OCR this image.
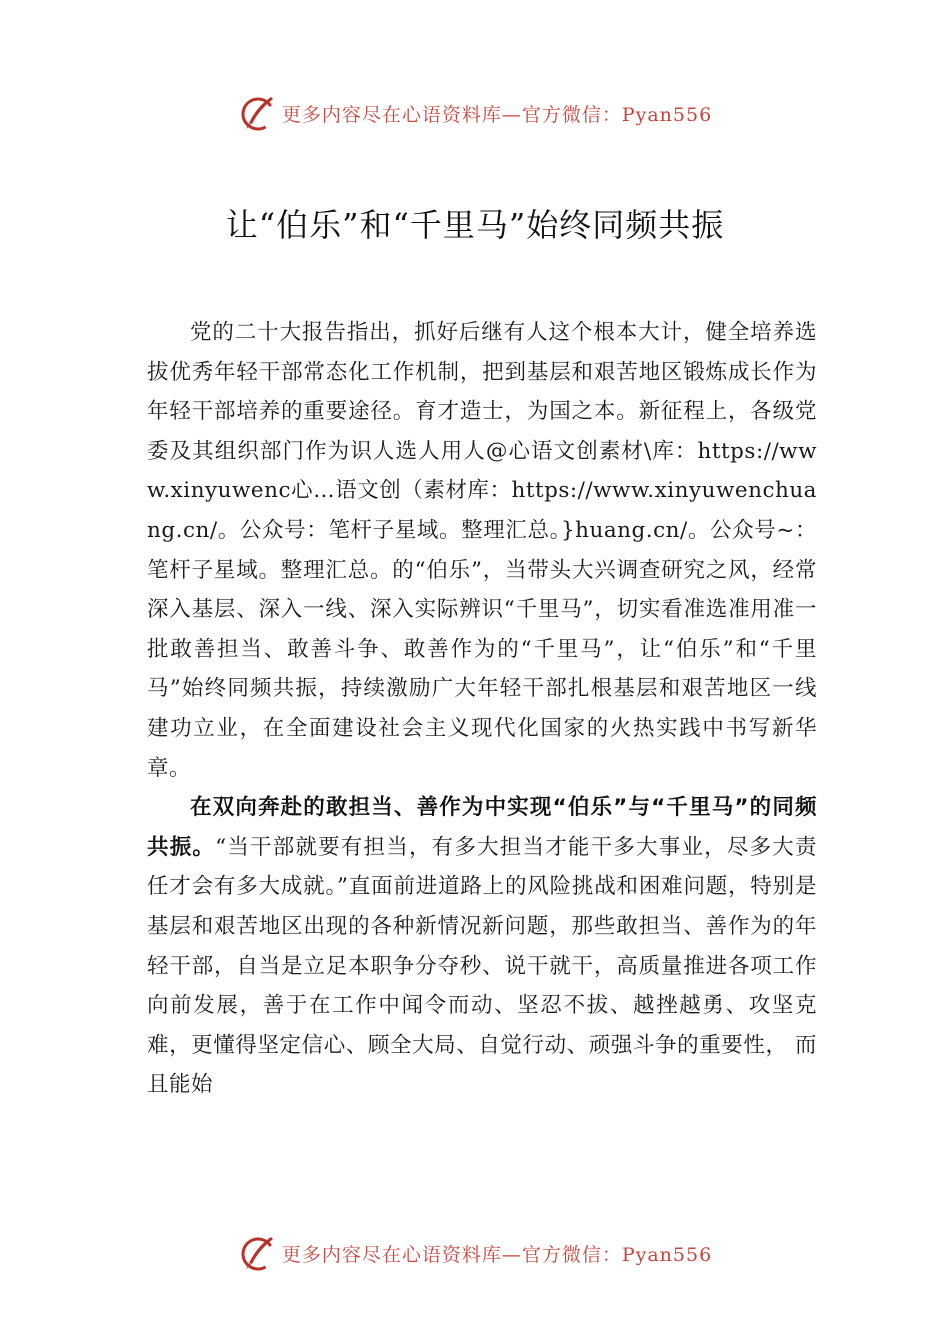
更多内容尽在心语资料库—官方微信：Pyan556
让“伯乐”和“千里马”始终同频共振

党的二十大报告指出，抓好后继有人这个根本大计，健全培养选拔优秀年轻干部常态化工作机制，把到基层和艰苦地区锻炼成长作为年轻干部培养的重要途径。育才造士，为国之本。新征程上，各级党委及其组织部门作为识人选人用人@心语文创素材\库：https://www.xinyuwenc心…语文创（素材库：https://www.xinyuwenchuang.cn/。公众号：笔杆子星域。整理汇总。}huang.cn/。公众号~：笔杆子星域。整理汇总。的“伯乐”，当带头大兴调查研究之风，经常深入基层、深入一线、深入实际辨识“千里马”，切实看准选准用准一批敢善担当、敢善斗争、敢善作为的“千里马”，让“伯乐”和“千里马”始终同频共振，持续激励广大年轻干部扎根基层和艰苦地区一线建功立业，在全面建设社会主义现代化国家的火热实践中书写新华章。

在双向奔赴的敢担当、善作为中实现“伯乐”与“千里马”的同频共振。“当干部就要有担当，有多大担当才能干多大事业，尽多大责任才会有多大成就。”直面前进道路上的风险挑战和困难问题，特别是基层和艰苦地区出现的各种新情况新问题，那些敢担当、善作为的年轻干部，自当是立足本职争分夺秒、说干就干，高质量推进各项工作向前发展，善于在工作中闻令而动、坚忍不拔、越挫越勇、攻坚克难，更懂得坚定信心、顾全大局、自觉行动、顽强斗争的重要性， 而且能始

更多内容尽在心语资料库—官方微信：Pyan556
